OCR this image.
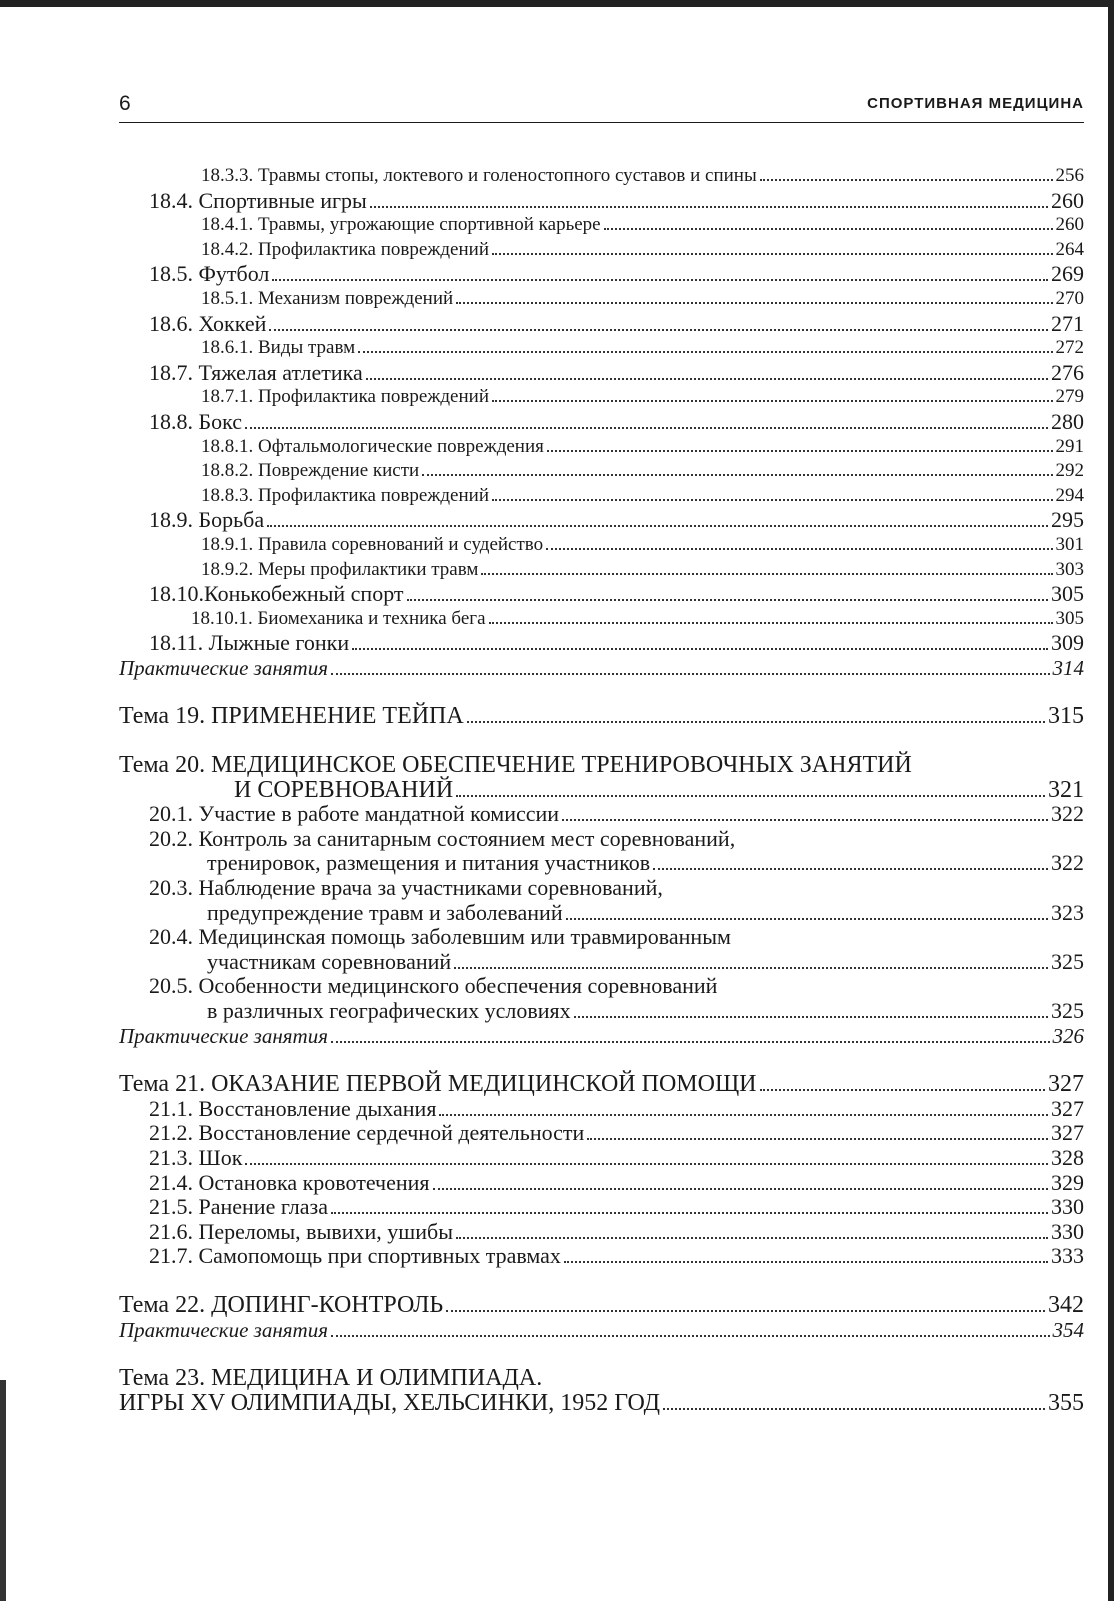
6	СПОРТИВНАЯ МЕДИЦИНА
18.3.3. Травмы стопы, локтевого и голеностопного суставов и спины	256
18.4. Спортивные игры	260
18.4.1. Травмы, угрожающие спортивной карьере	260
18.4.2. Профилактика повреждений	264
18.5. Футбол	269
18.5.1. Механизм повреждений	270
18.6. Хоккей	271
18.6.1. Виды травм	272
18.7. Тяжелая атлетика	276
18.7.1. Профилактика повреждений	279
18.8. Бокс	280
18.8.1. Офтальмологические повреждения	291
18.8.2. Повреждение кисти	292
18.8.3. Профилактика повреждений	294
18.9. Борьба	295
18.9.1. Правила соревнований и судейство	301
18.9.2. Меры профилактики травм	303
18.10.Конькобежный спорт	305
18.10.1. Биомеханика и техника бега	305
18.11. Лыжные гонки	309
Практические занятия	314
Тема 19. ПРИМЕНЕНИЕ ТЕЙПА	315
Тема 20. МЕДИЦИНСКОЕ ОБЕСПЕЧЕНИЕ ТРЕНИРОВОЧНЫХ ЗАНЯТИЙ
И СОРЕВНОВАНИЙ	321
20.1. Участие в работе мандатной комиссии	322
20.2. Контроль за санитарным состоянием мест соревнований,
тренировок, размещения и питания участников	322
20.3. Наблюдение врача за участниками соревнований,
предупреждение травм и заболеваний	323
20.4. Медицинская помощь заболевшим или травмированным
участникам соревнований	325
20.5. Особенности медицинского обеспечения соревнований
в различных географических условиях	325
Практические занятия	326
Тема 21. ОКАЗАНИЕ ПЕРВОЙ МЕДИЦИНСКОЙ ПОМОЩИ	327
21.1. Восстановление дыхания	327
21.2. Восстановление сердечной деятельности	327
21.3. Шок	328
21.4. Остановка кровотечения	329
21.5. Ранение глаза	330
21.6. Переломы, вывихи, ушибы	330
21.7. Самопомощь при спортивных травмах	333
Тема 22. ДОПИНГ-КОНТРОЛЬ	342
Практические занятия	354
Тема 23. МЕДИЦИНА И ОЛИМПИАДА.
ИГРЫ XV ОЛИМПИАДЫ, ХЕЛЬСИНКИ, 1952 ГОД	355
